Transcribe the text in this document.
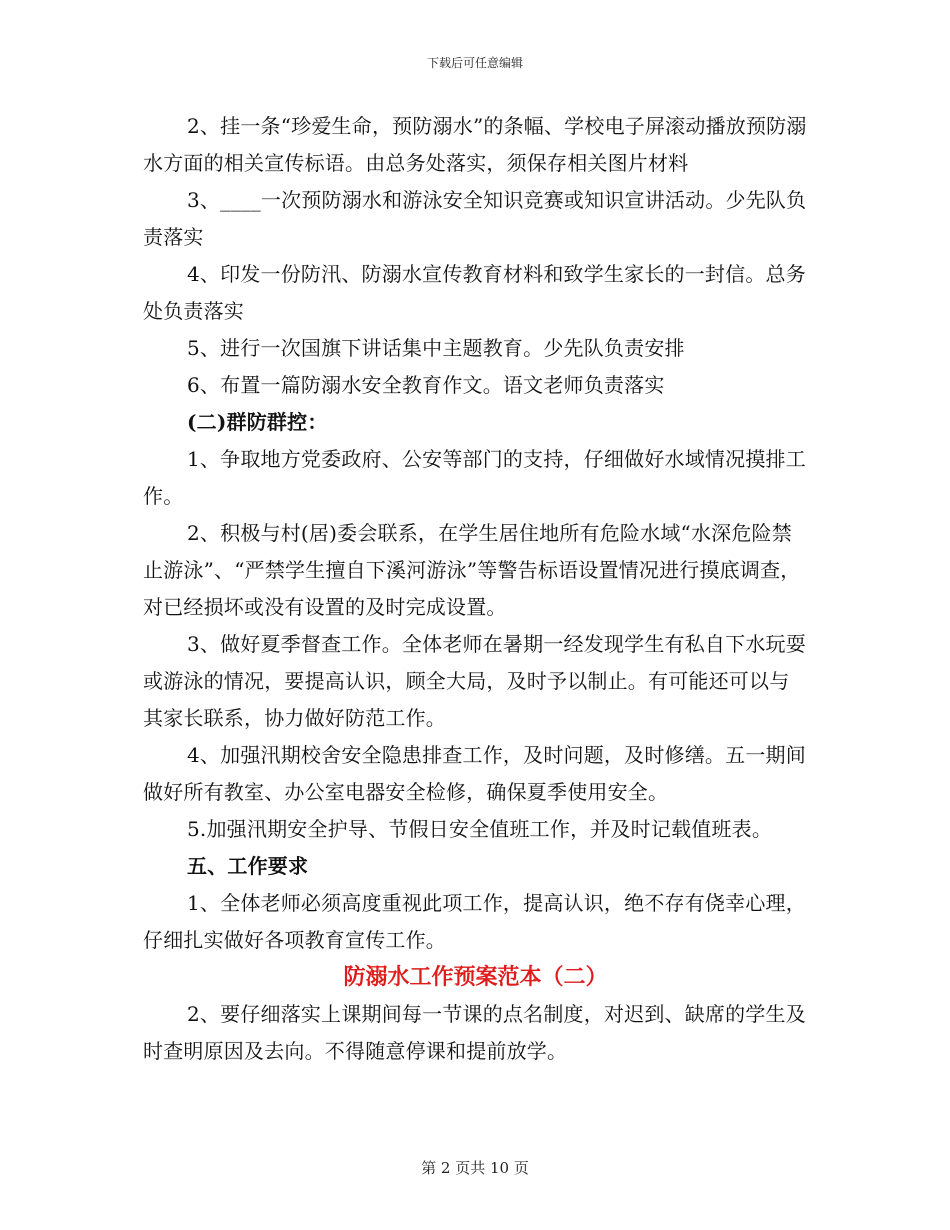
下载后可任意编辑

2、挂一条“珍爱生命，预防溺水”的条幅、学校电子屏滚动播放预防溺水方面的相关宣传标语。由总务处落实，须保存相关图片材料

3、____一次预防溺水和游泳安全知识竞赛或知识宣讲活动。少先队负责落实

4、印发一份防汛、防溺水宣传教育材料和致学生家长的一封信。总务处负责落实

5、进行一次国旗下讲话集中主题教育。少先队负责安排

6、布置一篇防溺水安全教育作文。语文老师负责落实

(二)群防群控：

1、争取地方党委政府、公安等部门的支持，仔细做好水域情况摸排工作。

2、积极与村(居)委会联系，在学生居住地所有危险水域“水深危险禁止游泳”、“严禁学生擅自下溪河游泳”等警告标语设置情况进行摸底调查，对已经损坏或没有设置的及时完成设置。

3、做好夏季督查工作。全体老师在暑期一经发现学生有私自下水玩耍或游泳的情况，要提高认识，顾全大局，及时予以制止。有可能还可以与其家长联系，协力做好防范工作。

4、加强汛期校舍安全隐患排查工作，及时问题，及时修缮。五一期间做好所有教室、办公室电器安全检修，确保夏季使用安全。

5.加强汛期安全护导、节假日安全值班工作，并及时记载值班表。

五、工作要求

1、全体老师必须高度重视此项工作，提高认识，绝不存有侥幸心理，仔细扎实做好各项教育宣传工作。

防溺水工作预案范本（二）

2、要仔细落实上课期间每一节课的点名制度，对迟到、缺席的学生及时查明原因及去向。不得随意停课和提前放学。

第 2 页共 10 页
